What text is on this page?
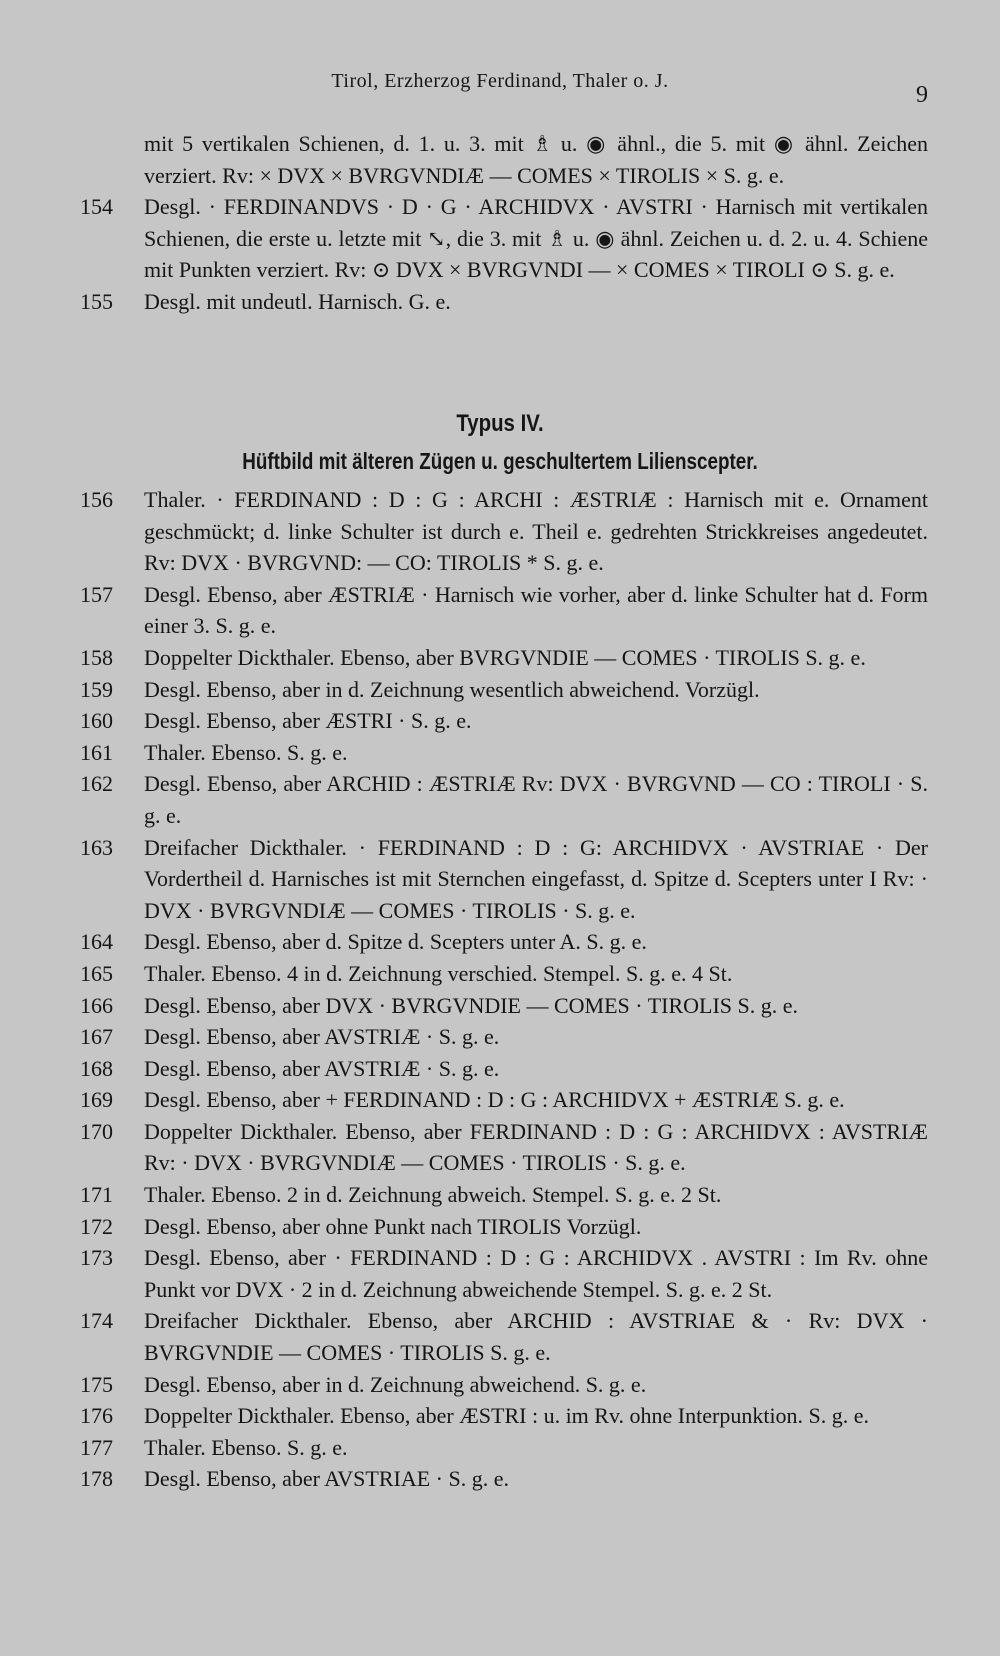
Tirol, Erzherzog Ferdinand, Thaler o. J.
9
mit 5 vertikalen Schienen, d. 1. u. 3. mit ♗ u. ◉ ähnl., die 5. mit ◉ ähnl. Zeichen verziert. Rv: × DVX × BVRGVNDIÆ — COMES × TIROLIS × S. g. e.
154	Desgl. · FERDINANDVS · D · G · ARCHIDVX · AVSTRI · Harnisch mit vertikalen Schienen, die erste u. letzte mit ⤡, die 3. mit ♗ u. ◉ ähnl. Zeichen u. d. 2. u. 4. Schiene mit Punkten verziert. Rv: ⊙ DVX × BVRGVNDI — × COMES × TIROLI ⊙ S. g. e.
155	Desgl. mit undeutl. Harnisch. G. e.
Typus IV.
Hüftbild mit älteren Zügen u. geschultertem Lilienscepter.
156	Thaler. · FERDINAND : D : G : ARCHI : ÆSTRIÆ : Harnisch mit e. Ornament geschmückt; d. linke Schulter ist durch e. Theil e. gedrehten Strickkreises angedeutet. Rv: DVX · BVRGVND: — CO: TIROLIS * S. g. e.
157	Desgl. Ebenso, aber ÆSTRIÆ · Harnisch wie vorher, aber d. linke Schulter hat d. Form einer 3. S. g. e.
158	Doppelter Dickthaler. Ebenso, aber BVRGVNDIE — COMES · TIROLIS S. g. e.
159	Desgl. Ebenso, aber in d. Zeichnung wesentlich abweichend. Vorzügl.
160	Desgl. Ebenso, aber ÆSTRI · S. g. e.
161	Thaler. Ebenso. S. g. e.
162	Desgl. Ebenso, aber ARCHID : ÆSTRIÆ Rv: DVX · BVRGVND — CO : TIROLI · S. g. e.
163	Dreifacher Dickthaler. · FERDINAND : D : G: ARCHIDVX · AVSTRIAE · Der Vordertheil d. Harnisches ist mit Sternchen eingefasst, d. Spitze d. Scepters unter I Rv: · DVX · BVRGVNDIÆ — COMES · TIROLIS · S. g. e.
164	Desgl. Ebenso, aber d. Spitze d. Scepters unter A. S. g. e.
165	Thaler. Ebenso. 4 in d. Zeichnung verschied. Stempel. S. g. e. 4 St.
166	Desgl. Ebenso, aber DVX · BVRGVNDIE — COMES · TIROLIS S. g. e.
167	Desgl. Ebenso, aber AVSTRIÆ · S. g. e.
168	Desgl. Ebenso, aber AVSTRIÆ · S. g. e.
169	Desgl. Ebenso, aber + FERDINAND : D : G : ARCHIDVX + ÆSTRIÆ S. g. e.
170	Doppelter Dickthaler. Ebenso, aber FERDINAND : D : G : ARCHIDVX : AVSTRIÆ Rv: · DVX · BVRGVNDIÆ — COMES · TIROLIS · S. g. e.
171	Thaler. Ebenso. 2 in d. Zeichnung abweich. Stempel. S. g. e. 2 St.
172	Desgl. Ebenso, aber ohne Punkt nach TIROLIS Vorzügl.
173	Desgl. Ebenso, aber · FERDINAND : D : G : ARCHIDVX . AVSTRI : Im Rv. ohne Punkt vor DVX · 2 in d. Zeichnung abweichende Stempel. S. g. e. 2 St.
174	Dreifacher Dickthaler. Ebenso, aber ARCHID : AVSTRIAE & · Rv: DVX · BVRGVNDIE — COMES · TIROLIS S. g. e.
175	Desgl. Ebenso, aber in d. Zeichnung abweichend. S. g. e.
176	Doppelter Dickthaler. Ebenso, aber ÆSTRI : u. im Rv. ohne Interpunktion. S. g. e.
177	Thaler. Ebenso. S. g. e.
178	Desgl. Ebenso, aber AVSTRIAE · S. g. e.
